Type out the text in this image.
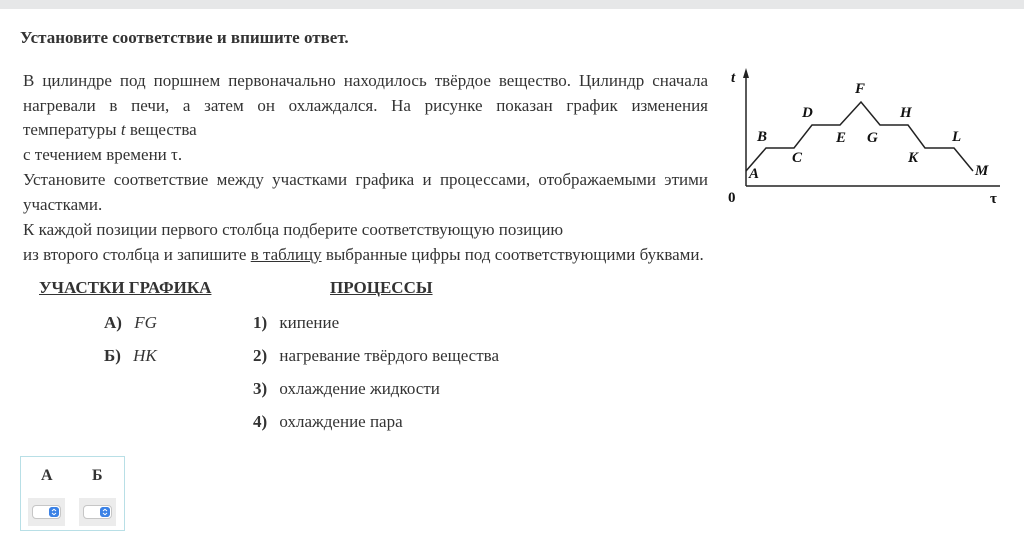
Установите соответствие и впишите ответ.
В цилиндре под поршнем первоначально находилось твёрдое вещество. Цилиндр сначала нагревали в печи, а затем он охлаждался. На рисунке показан график изменения
температуры t вещества
с течением времени τ.
Установите соответствие между участками графика и процессами, отображаемыми этими участками.
К каждой позиции первого столбца подберите соответствующую позицию
из второго столбца и запишите в таблицу выбранные цифры под соответствующими буквами.
t
0	τ
A
B
C
D
E
F
G
H
K
L
M
УЧАСТКИ ГРАФИКА	ПРОЦЕССЫ
А) FG
Б) HK
1) кипение
2) нагревание твёрдого вещества
3) охлаждение жидкости
4) охлаждение пара
А Б
